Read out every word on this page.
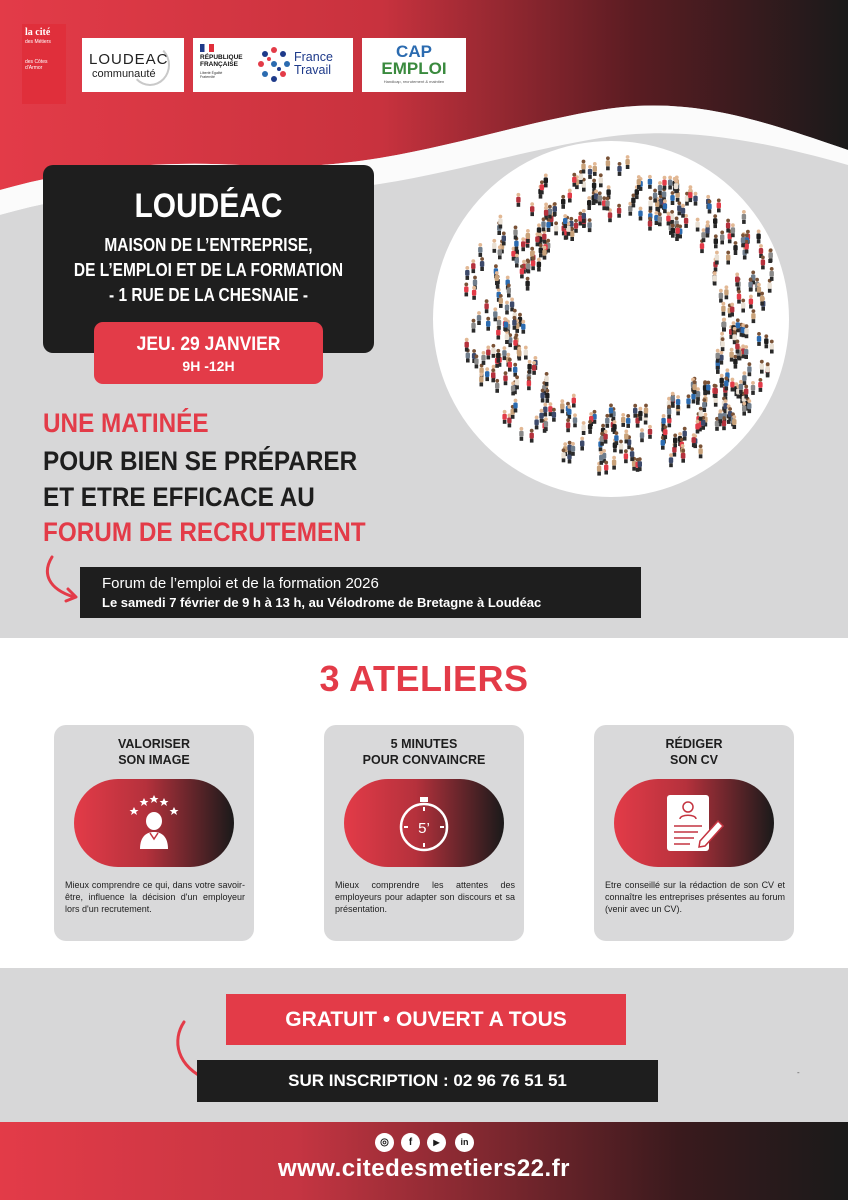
la cité
des Métiers
des Côtes d'Armor	LOUDEAC
communauté
RÉPUBLIQUE
FRANÇAISE
Liberté Égalité Fraternité
France
Travail
CAP
EMPLOI
Handicap, recrutement & maintien
LOUDÉAC
MAISON DE L’ENTREPRISE,
DE L’EMPLOI ET DE LA FORMATION
- 1 RUE DE LA CHESNAIE -
JEU. 29 JANVIER
9H -12H
UNE MATINÉE
POUR BIEN SE PRÉPARER
ET ETRE EFFICACE AU
FORUM DE RECRUTEMENT
Forum de l’emploi et de la formation 2026
Le samedi 7 février de 9 h à 13 h, au Vélodrome de Bretagne à Loudéac
3 ATELIERS
VALORISER
SON IMAGE
Mieux comprendre ce qui, dans votre savoir-être, influence la décision d'un employeur lors d'un recrutement.
5 MINUTES
POUR CONVAINCRE
5’
Mieux comprendre les attentes des employeurs pour adapter son discours et sa présentation.
RÉDIGER
SON CV
Etre conseillé sur la rédaction de son CV et connaître les entreprises présentes au forum (venir avec un CV).
GRATUIT • OUVERT A TOUS
SUR INSCRIPTION : 02 96 76 51 51	-
◎	f	▶	in
www.citedesmetiers22.fr
